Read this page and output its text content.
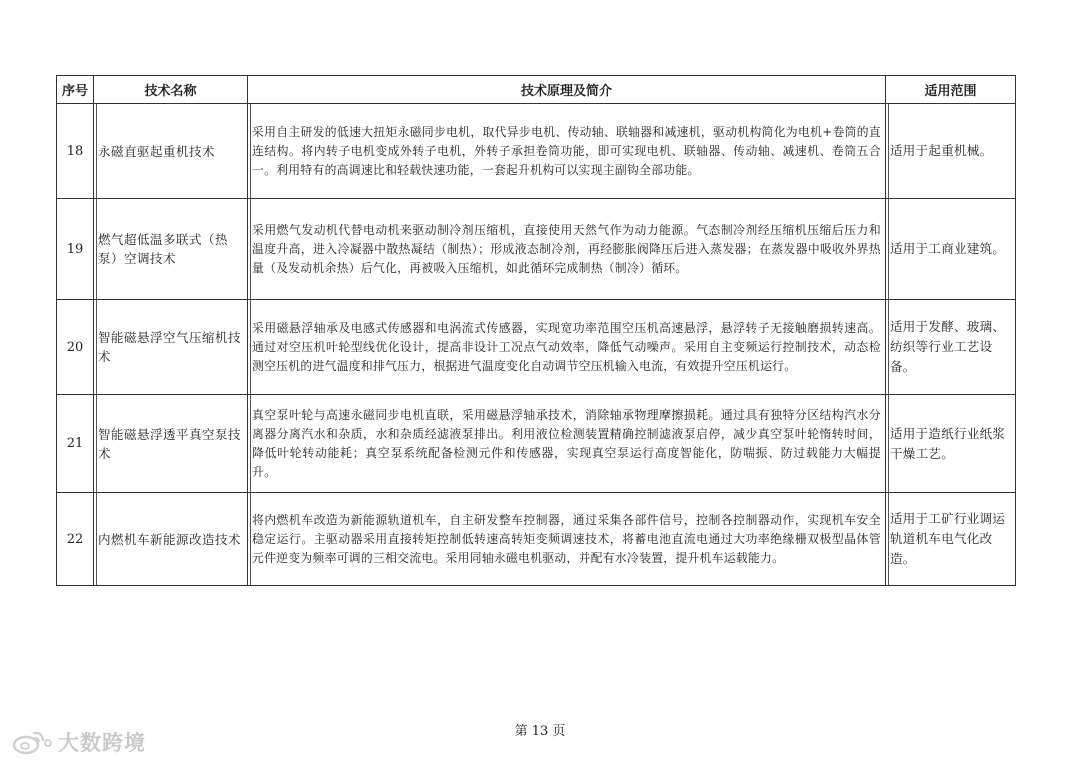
序号	技术名称	技术原理及简介	适用范围
18	永磁直驱起重机技术	采用自主研发的低速大扭矩永磁同步电机，取代异步电机、传动轴、联轴器和减速机，驱动机构简化为电机+卷筒的直连结构。将内转子电机变成外转子电机，外转子承担卷筒功能，即可实现电机、联轴器、传动轴、减速机、卷筒五合一。利用特有的高调速比和轻载快速功能，一套起升机构可以实现主副钩全部功能。	适用于起重机械。
19	燃气超低温多联式（热泵）空调技术	采用燃气发动机代替电动机来驱动制冷剂压缩机，直接使用天然气作为动力能源。气态制冷剂经压缩机压缩后压力和温度升高，进入冷凝器中散热凝结（制热）；形成液态制冷剂，再经膨胀阀降压后进入蒸发器；在蒸发器中吸收外界热量（及发动机余热）后气化，再被吸入压缩机，如此循环完成制热（制冷）循环。	适用于工商业建筑。
20	智能磁悬浮空气压缩机技术	采用磁悬浮轴承及电感式传感器和电涡流式传感器，实现宽功率范围空压机高速悬浮，悬浮转子无接触磨损转速高。通过对空压机叶轮型线优化设计，提高非设计工况点气动效率，降低气动噪声。采用自主变频运行控制技术，动态检测空压机的进气温度和排气压力，根据进气温度变化自动调节空压机输入电流，有效提升空压机运行。	适用于发酵、玻璃、纺织等行业工艺设备。
21	智能磁悬浮透平真空泵技术	真空泵叶轮与高速永磁同步电机直联，采用磁悬浮轴承技术，消除轴承物理摩擦损耗。通过具有独特分区结构汽水分离器分离汽水和杂质，水和杂质经滤液泵排出。利用液位检测装置精确控制滤液泵启停，减少真空泵叶轮惰转时间，降低叶轮转动能耗；真空泵系统配备检测元件和传感器，实现真空泵运行高度智能化，防喘振、防过载能力大幅提升。	适用于造纸行业纸浆干燥工艺。
22	内燃机车新能源改造技术	将内燃机车改造为新能源轨道机车，自主研发整车控制器，通过采集各部件信号，控制各控制器动作，实现机车安全稳定运行。主驱动器采用直接转矩控制低转速高转矩变频调速技术，将蓄电池直流电通过大功率绝缘栅双极型晶体管元件逆变为频率可调的三相交流电。采用同轴永磁电机驱动，并配有水冷装置，提升机车运载能力。	适用于工矿行业调运轨道机车电气化改造。
第 13 页
大数跨境
